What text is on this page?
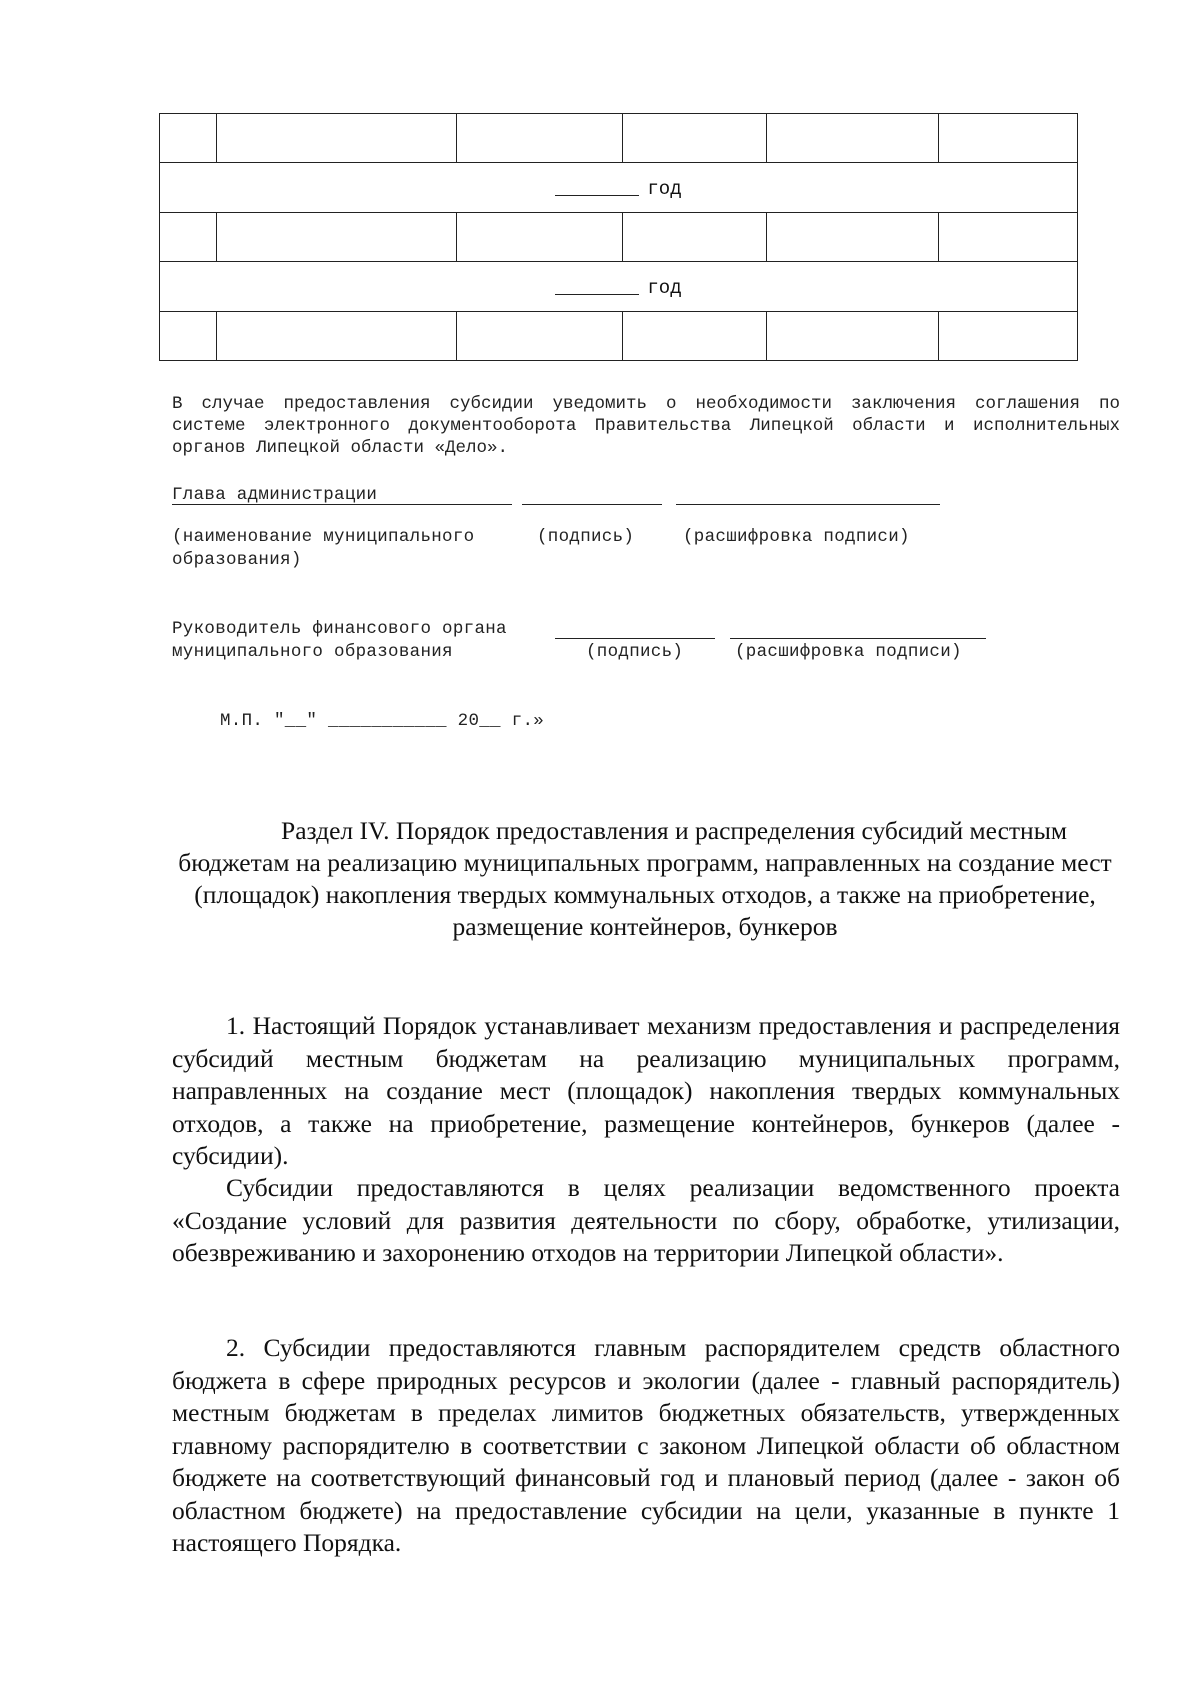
год					

год					

В случае предоставления субсидии уведомить о необходимости заключения соглашения по системе электронного документооборота Правительства Липецкой области и исполнительных органов Липецкой области «Дело».
Глава администрации
(наименование муниципального	(подпись)	(расшифровка подписи)
образования)
Руководитель финансового органа
муниципального образования	(подпись)	(расшифровка подписи)
М.П. "__" ___________ 20__ г.»
Раздел IV. Порядок предоставления и распределения субсидий местным бюджетам на реализацию муниципальных программ, направленных на создание мест (площадок) накопления твердых коммунальных отходов, а также на приобретение, размещение контейнеров, бункеров
1. Настоящий Порядок устанавливает механизм предоставления и распределения субсидий местным бюджетам на реализацию муниципальных программ, направленных на создание мест (площадок) накопления твердых коммунальных отходов, а также на приобретение, размещение контейнеров, бункеров (далее - субсидии).
Субсидии предоставляются в целях реализации ведомственного проекта «Создание условий для развития деятельности по сбору, обработке, утилизации, обезвреживанию и захоронению отходов на территории Липецкой области».
2. Субсидии предоставляются главным распорядителем средств областного бюджета в сфере природных ресурсов и экологии (далее - главный распорядитель) местным бюджетам в пределах лимитов бюджетных обязательств, утвержденных главному распорядителю в соответствии с законом Липецкой области об областном бюджете на соответствующий финансовый год и плановый период (далее - закон об областном бюджете) на предоставление субсидии на цели, указанные в пункте 1 настоящего Порядка.
